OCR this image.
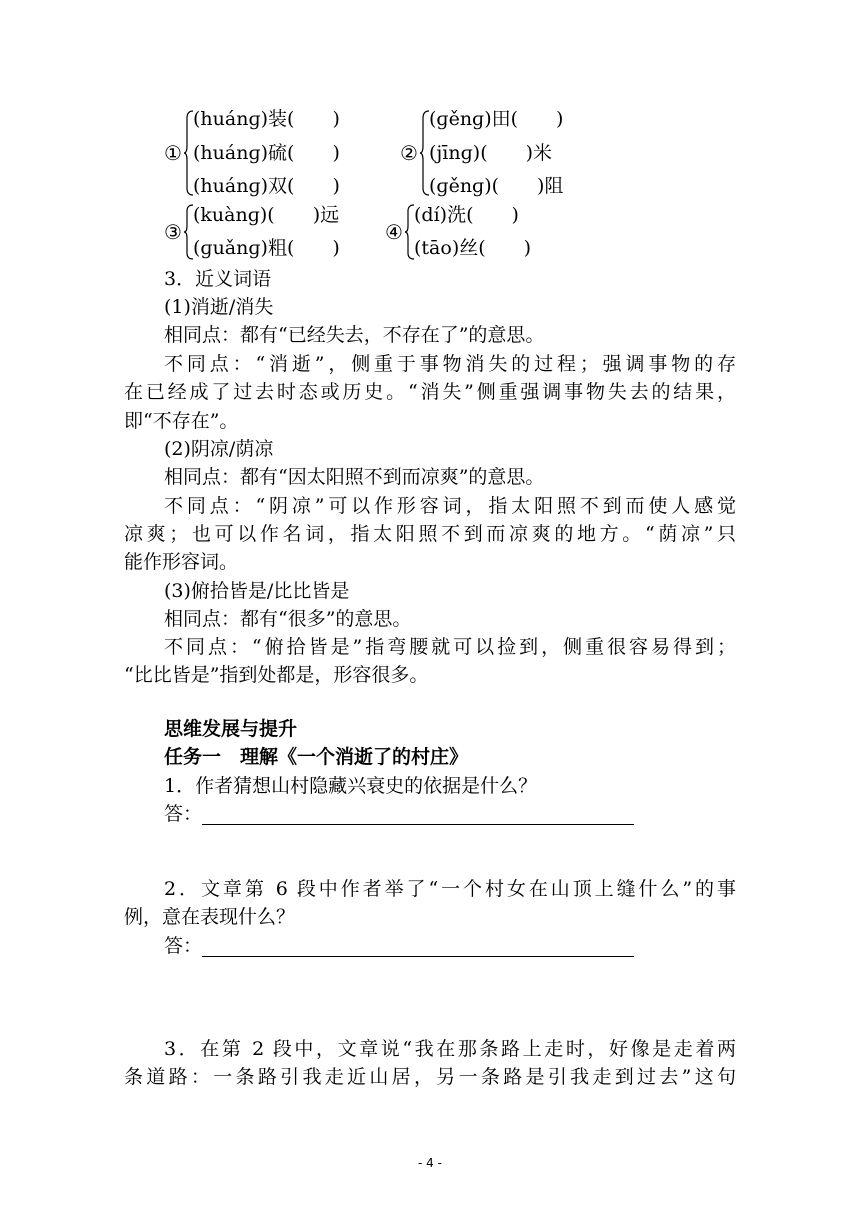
①
(huánɡ)装(　　)
(huánɡ)硫(　　)
(huánɡ)双(　　)
②
(ɡěnɡ)田(　　)
(jīnɡ)(　　)米
(ɡěnɡ)(　　)阻
③
(kuànɡ)(　　)远
(ɡuǎnɡ)粗(　　)
④
(dí)洗(　　)
(tāo)丝(　　)
3．近义词语
(1)消逝/消失
相同点：都有“已经失去，不存在了”的意思。
不同点：“消逝”，侧重于事物消失的过程；强调事物的存
在已经成了过去时态或历史。“消失”侧重强调事物失去的结果，
即“不存在”。
(2)阴凉/荫凉
相同点：都有“因太阳照不到而凉爽”的意思。
不同点：“阴凉”可以作形容词，指太阳照不到而使人感觉
凉爽；也可以作名词，指太阳照不到而凉爽的地方。“荫凉”只
能作形容词。
(3)俯拾皆是/比比皆是
相同点：都有“很多”的意思。
不同点：“俯拾皆是”指弯腰就可以捡到，侧重很容易得到；
“比比皆是”指到处都是，形容很多。
思维发展与提升
任务一　理解《一个消逝了的村庄》
1．作者猜想山村隐藏兴衰史的依据是什么？
答：
2．文章第 6 段中作者举了“一个村女在山顶上缝什么”的事
例，意在表现什么？
答：
3．在第 2 段中，文章说“我在那条路上走时，好像是走着两
条道路：一条路引我走近山居，另一条路是引我走到过去”这句
- 4 -
